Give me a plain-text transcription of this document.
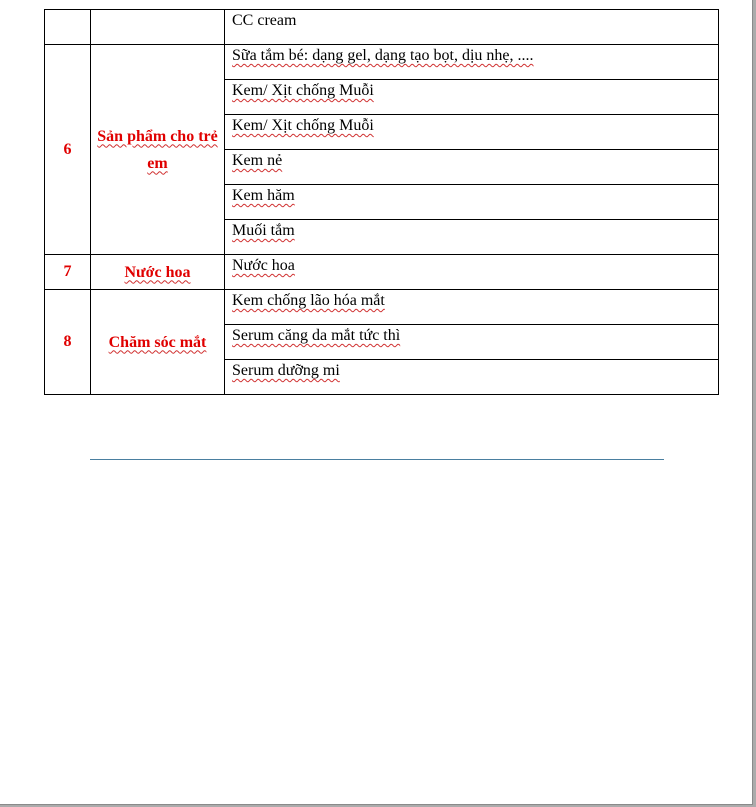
		CC cream

6	Sản phẩm cho trẻ em	Sữa tắm bé: dạng gel, dạng tạo bọt, dịu nhẹ, ....

		Kem/ Xịt chống Muỗi

		Kem/ Xịt chống Muỗi

		Kem nẻ

		Kem hăm

		Muối tắm

7	Nước hoa	Nước hoa

8	Chăm sóc mắt	Kem chống lão hóa mắt

		Serum căng da mắt tức thì

		Serum dưỡng mi
